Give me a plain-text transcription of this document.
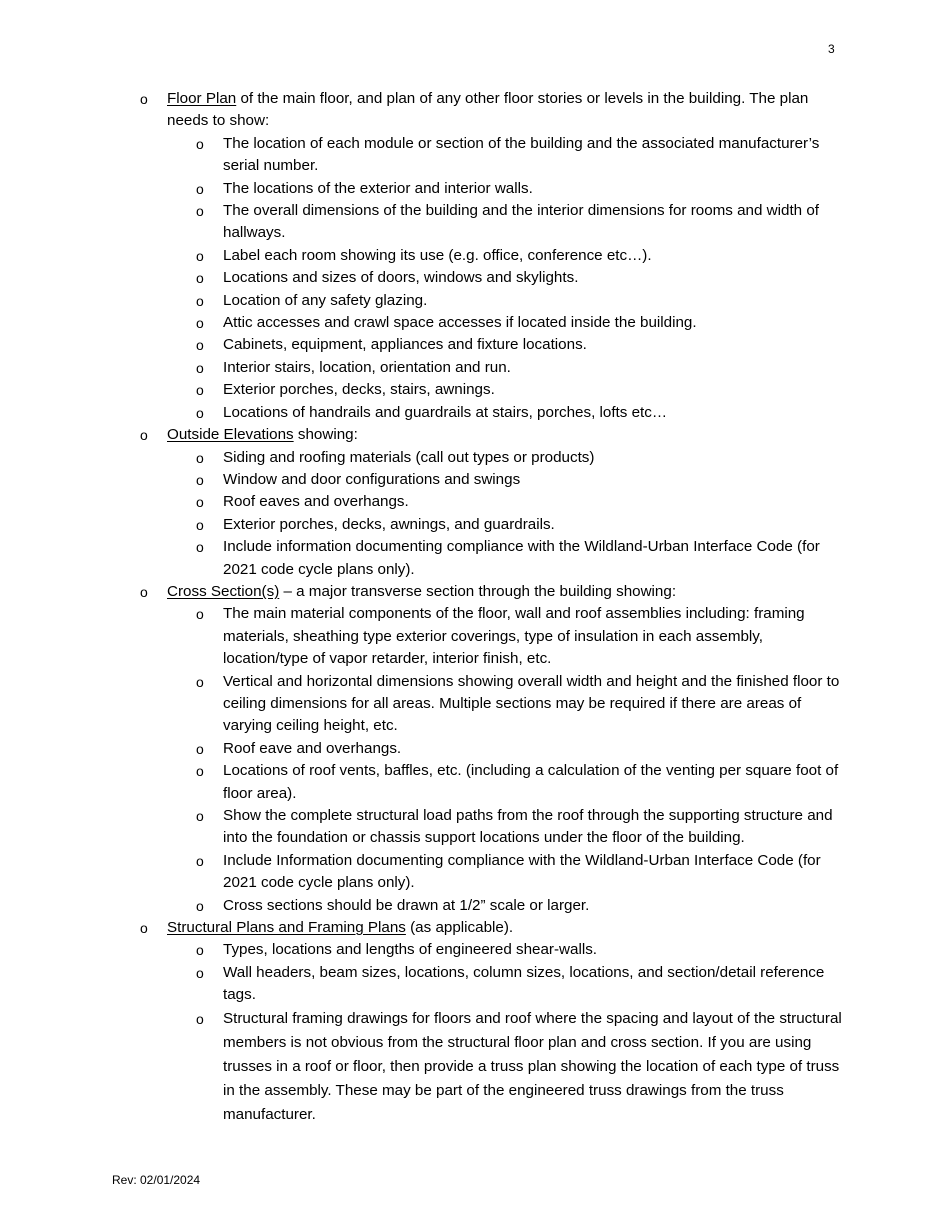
3
o	Floor Plan of the main floor, and plan of any other floor stories or levels in the building. The plan needs to show:
o	The location of each module or section of the building and the associated manufacturer’s serial number.
o	The locations of the exterior and interior walls.
o	The overall dimensions of the building and the interior dimensions for rooms and width of hallways.
o	Label each room showing its use (e.g. office, conference etc…).
o	Locations and sizes of doors, windows and skylights.
o	Location of any safety glazing.
o	Attic accesses and crawl space accesses if located inside the building.
o	Cabinets, equipment, appliances and fixture locations.
o	Interior stairs, location, orientation and run.
o	Exterior porches, decks, stairs, awnings.
o	Locations of handrails and guardrails at stairs, porches, lofts etc…
o	Outside Elevations showing:
o	Siding and roofing materials (call out types or products)
o	Window and door configurations and swings
o	Roof eaves and overhangs.
o	Exterior porches, decks, awnings, and guardrails.
o	Include information documenting compliance with the Wildland-Urban Interface Code (for 2021 code cycle plans only).
o	Cross Section(s) – a major transverse section through the building showing:
o	The main material components of the floor, wall and roof assemblies including: framing materials, sheathing type exterior coverings, type of insulation in each assembly, location/type of vapor retarder, interior finish, etc.
o	Vertical and horizontal dimensions showing overall width and height and the finished floor to ceiling dimensions for all areas. Multiple sections may be required if there are areas of varying ceiling height, etc.
o	Roof eave and overhangs.
o	Locations of roof vents, baffles, etc. (including a calculation of the venting per square foot of floor area).
o	Show the complete structural load paths from the roof through the supporting structure and into the foundation or chassis support locations under the floor of the building.
o	Include Information documenting compliance with the Wildland-Urban Interface Code (for 2021 code cycle plans only).
o	Cross sections should be drawn at 1/2” scale or larger.
o	Structural Plans and Framing Plans (as applicable).
o	Types, locations and lengths of engineered shear-walls.
o	Wall headers, beam sizes, locations, column sizes, locations, and section/detail reference tags.
o	Structural framing drawings for floors and roof where the spacing and layout of the structural members is not obvious from the structural floor plan and cross section. If you are using trusses in a roof or floor, then provide a truss plan showing the location of each type of truss in the assembly. These may be part of the engineered truss drawings from the truss manufacturer.
Rev: 02/01/2024
